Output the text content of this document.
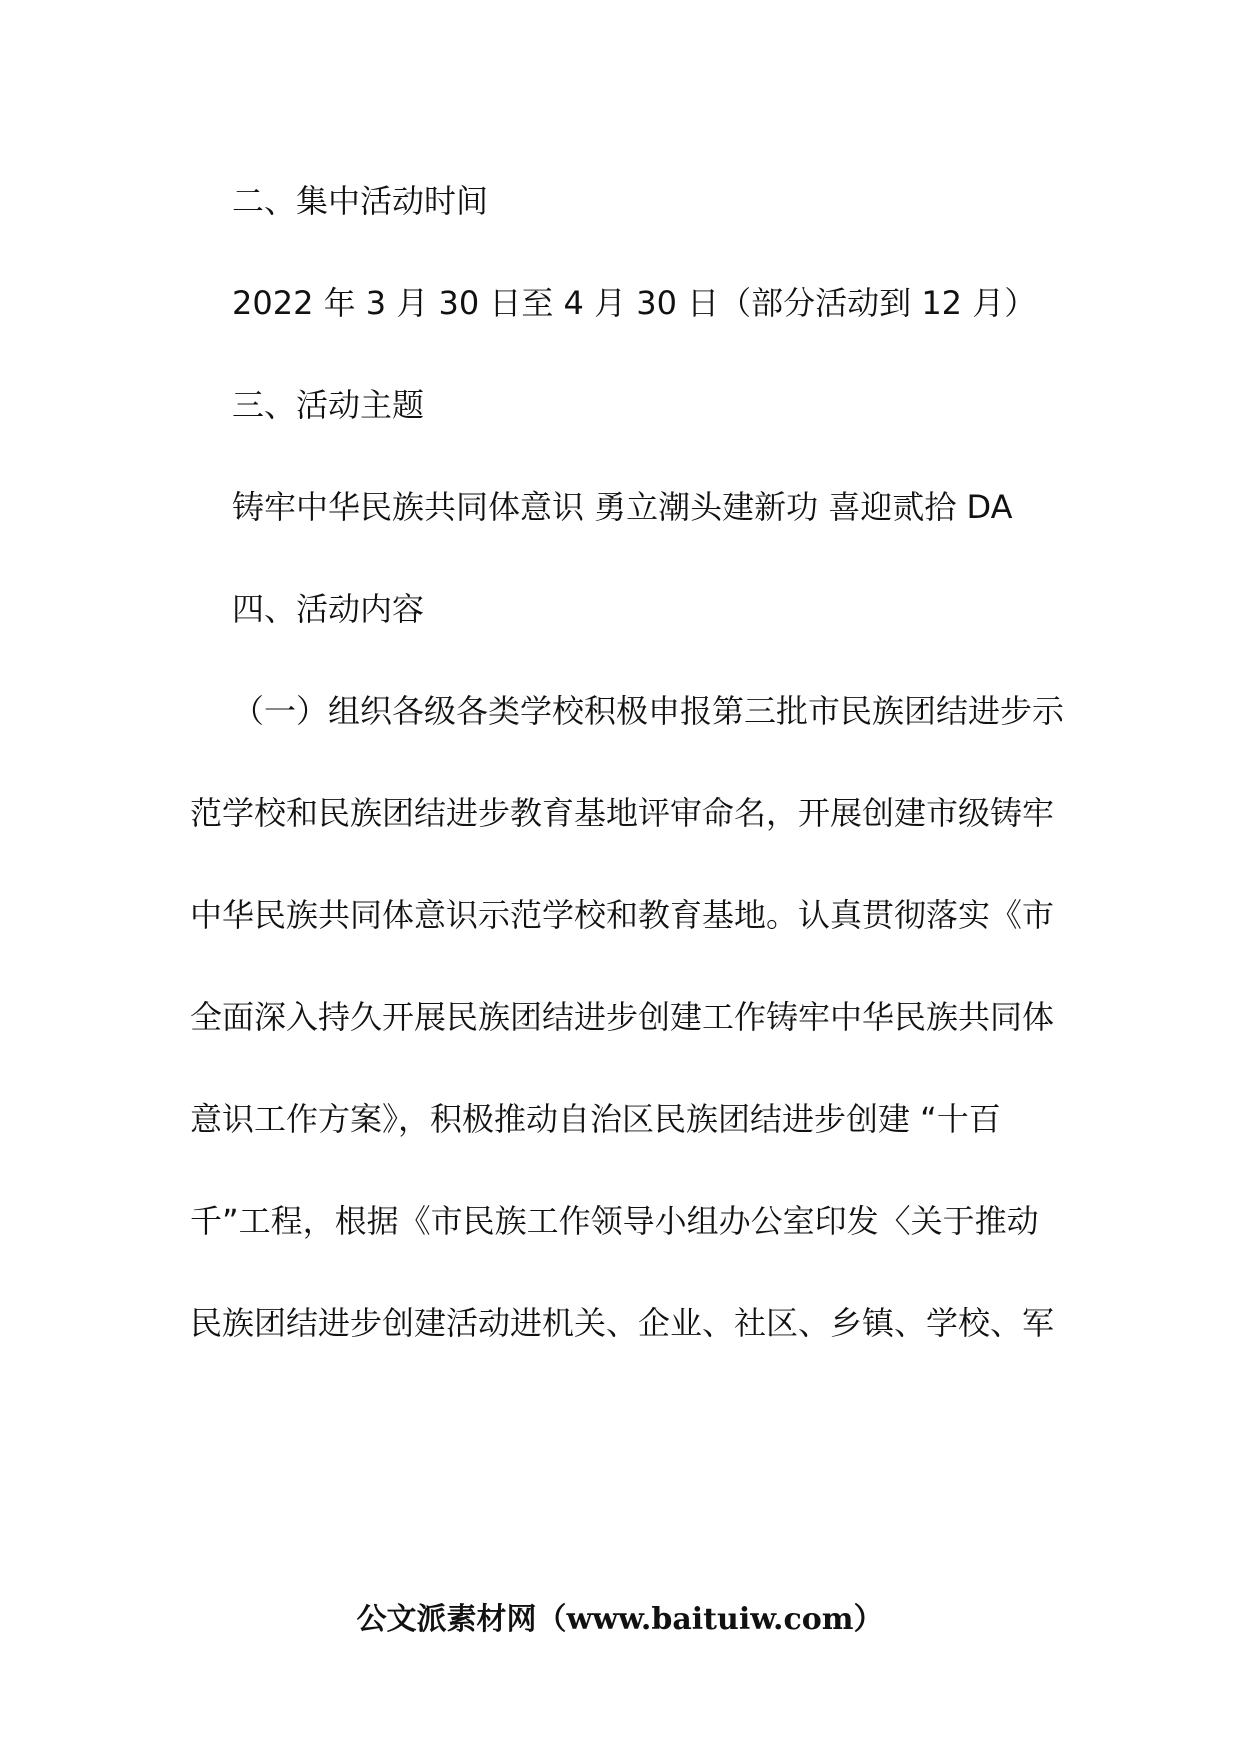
二、集中活动时间
2022 年 3 月 30 日至 4 月 30 日（部分活动到 12 月）
三、活动主题
铸牢中华民族共同体意识 勇立潮头建新功 喜迎贰拾 DA
四、活动内容
（一）组织各级各类学校积极申报第三批市民族团结进步示
范学校和民族团结进步教育基地评审命名，开展创建市级铸牢
中华民族共同体意识示范学校和教育基地。认真贯彻落实《市
全面深入持久开展民族团结进步创建工作铸牢中华民族共同体
意识工作方案》，积极推动自治区民族团结进步创建 “十百
千”工程，根据《市民族工作领导小组办公室印发〈关于推动
民族团结进步创建活动进机关、企业、社区、乡镇、学校、军
公文派素材网（www.baituiw.com）
